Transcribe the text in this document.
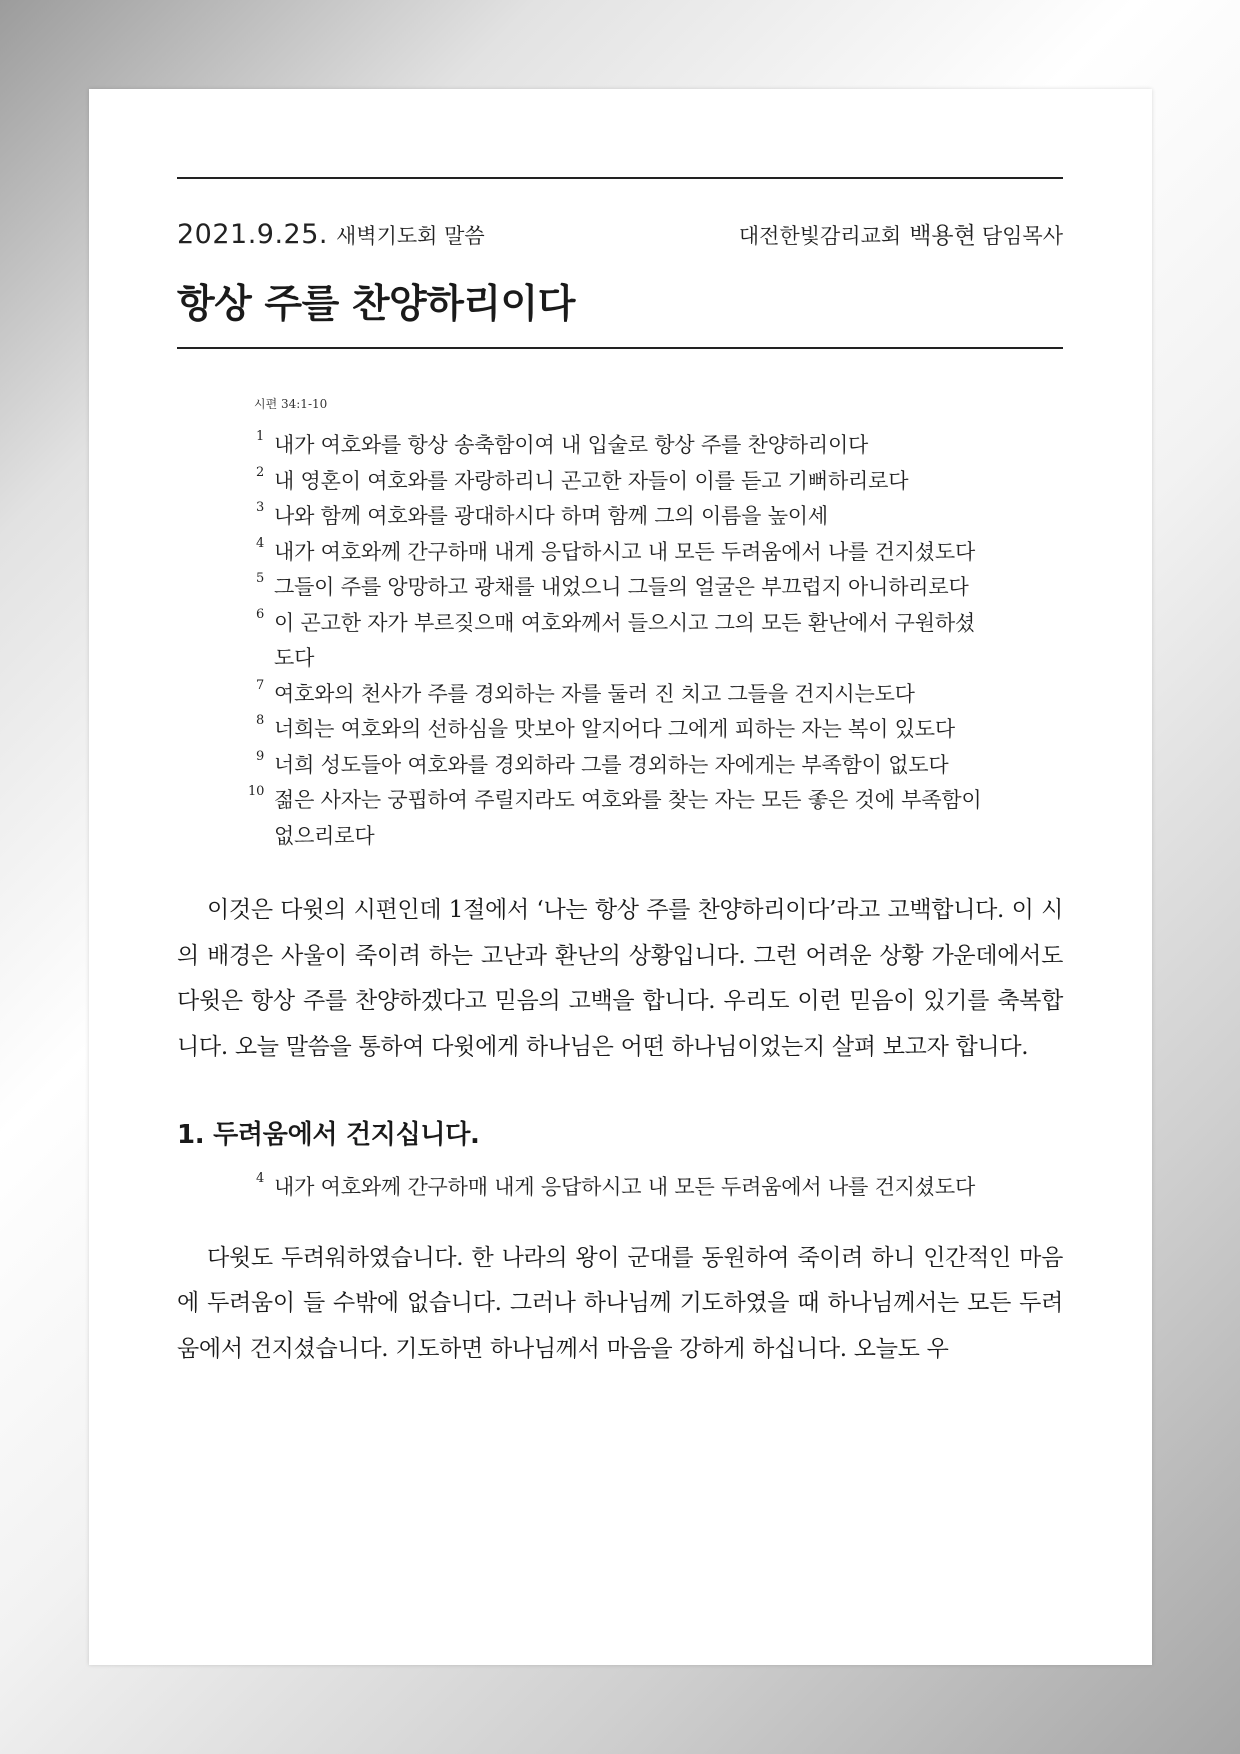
2021.9.25. 새벽기도회 말씀	대전한빛감리교회 백용현 담임목사
항상 주를 찬양하리이다
시편 34:1-10
1 내가 여호와를 항상 송축함이여 내 입술로 항상 주를 찬양하리이다
2 내 영혼이 여호와를 자랑하리니 곤고한 자들이 이를 듣고 기뻐하리로다
3 나와 함께 여호와를 광대하시다 하며 함께 그의 이름을 높이세
4 내가 여호와께 간구하매 내게 응답하시고 내 모든 두려움에서 나를 건지셨도다
5 그들이 주를 앙망하고 광채를 내었으니 그들의 얼굴은 부끄럽지 아니하리로다
6 이 곤고한 자가 부르짖으매 여호와께서 들으시고 그의 모든 환난에서 구원하셨도다
7 여호와의 천사가 주를 경외하는 자를 둘러 진 치고 그들을 건지시는도다
8 너희는 여호와의 선하심을 맛보아 알지어다 그에게 피하는 자는 복이 있도다
9 너희 성도들아 여호와를 경외하라 그를 경외하는 자에게는 부족함이 없도다
10 젊은 사자는 궁핍하여 주릴지라도 여호와를 찾는 자는 모든 좋은 것에 부족함이 없으리로다

이것은 다윗의 시편인데 1절에서 ‘나는 항상 주를 찬양하리이다’라고 고백합니다. 이 시의 배경은 사울이 죽이려 하는 고난과 환난의 상황입니다. 그런 어려운 상황 가운데에서도 다윗은 항상 주를 찬양하겠다고 믿음의 고백을 합니다. 우리도 이런 믿음이 있기를 축복합니다. 오늘 말씀을 통하여 다윗에게 하나님은 어떤 하나님이었는지 살펴 보고자 합니다.

1. 두려움에서 건지십니다.
4 내가 여호와께 간구하매 내게 응답하시고 내 모든 두려움에서 나를 건지셨도다

다윗도 두려워하였습니다. 한 나라의 왕이 군대를 동원하여 죽이려 하니 인간적인 마음에 두려움이 들 수밖에 없습니다. 그러나 하나님께 기도하였을 때 하나님께서는 모든 두려움에서 건지셨습니다. 기도하면 하나님께서 마음을 강하게 하십니다. 오늘도 우
